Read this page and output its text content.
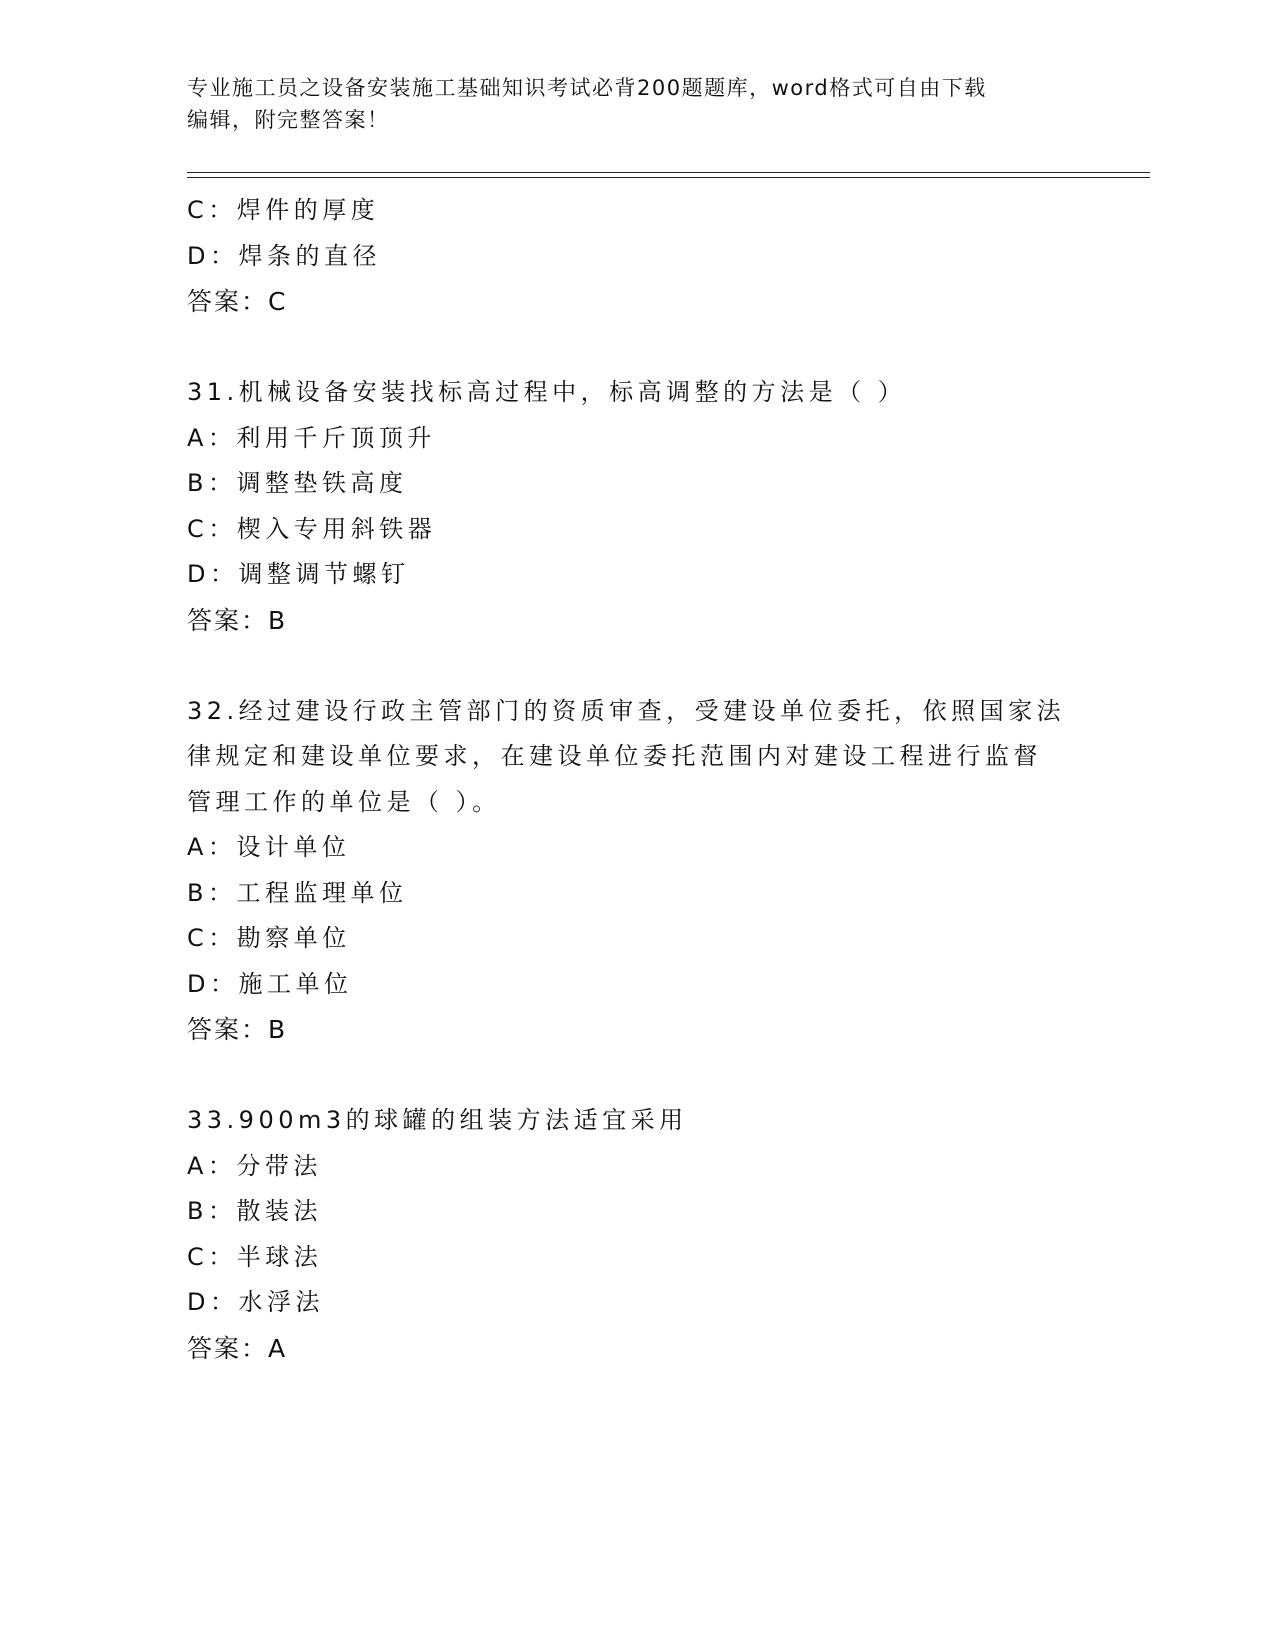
专业施工员之设备安装施工基础知识考试必背200题题库，word格式可自由下载
编辑，附完整答案！
C：焊件的厚度
D：焊条的直径
答案：C
31.机械设备安装找标高过程中，标高调整的方法是（ ）
A：利用千斤顶顶升
B：调整垫铁高度
C：楔入专用斜铁器
D：调整调节螺钉
答案：B
32.经过建设行政主管部门的资质审查，受建设单位委托，依照国家法
律规定和建设单位要求，在建设单位委托范围内对建设工程进行监督
管理工作的单位是（ ）。
A：设计单位
B：工程监理单位
C：勘察单位
D：施工单位
答案：B
33.900m3的球罐的组装方法适宜采用
A：分带法
B：散装法
C：半球法
D：水浮法
答案：A
